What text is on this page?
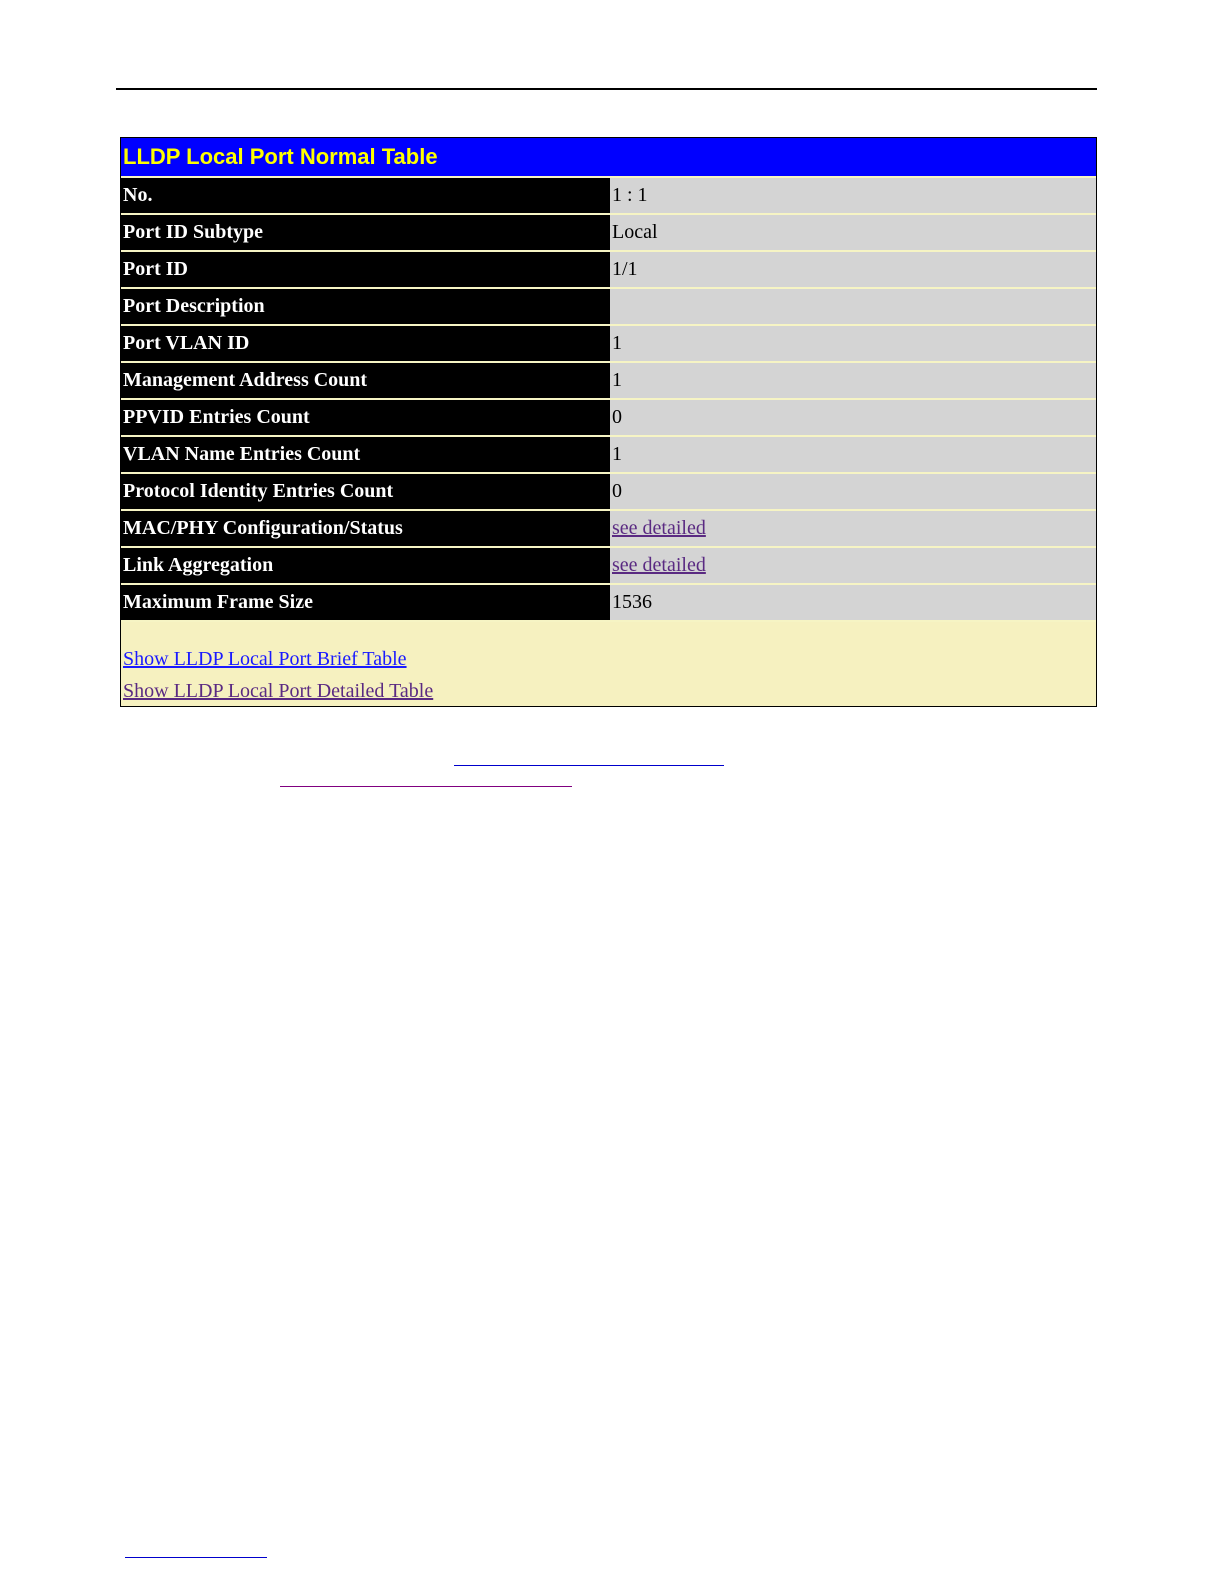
LLDP Local Port Normal Table
No.	1 : 1
Port ID Subtype	Local
Port ID	1/1
Port Description	
Port VLAN ID	1
Management Address Count	1
PPVID Entries Count	0
VLAN Name Entries Count	1
Protocol Identity Entries Count	0
MAC/PHY Configuration/Status	see detailed
Link Aggregation	see detailed
Maximum Frame Size	1536
Show LLDP Local Port Brief Table
Show LLDP Local Port Detailed Table
